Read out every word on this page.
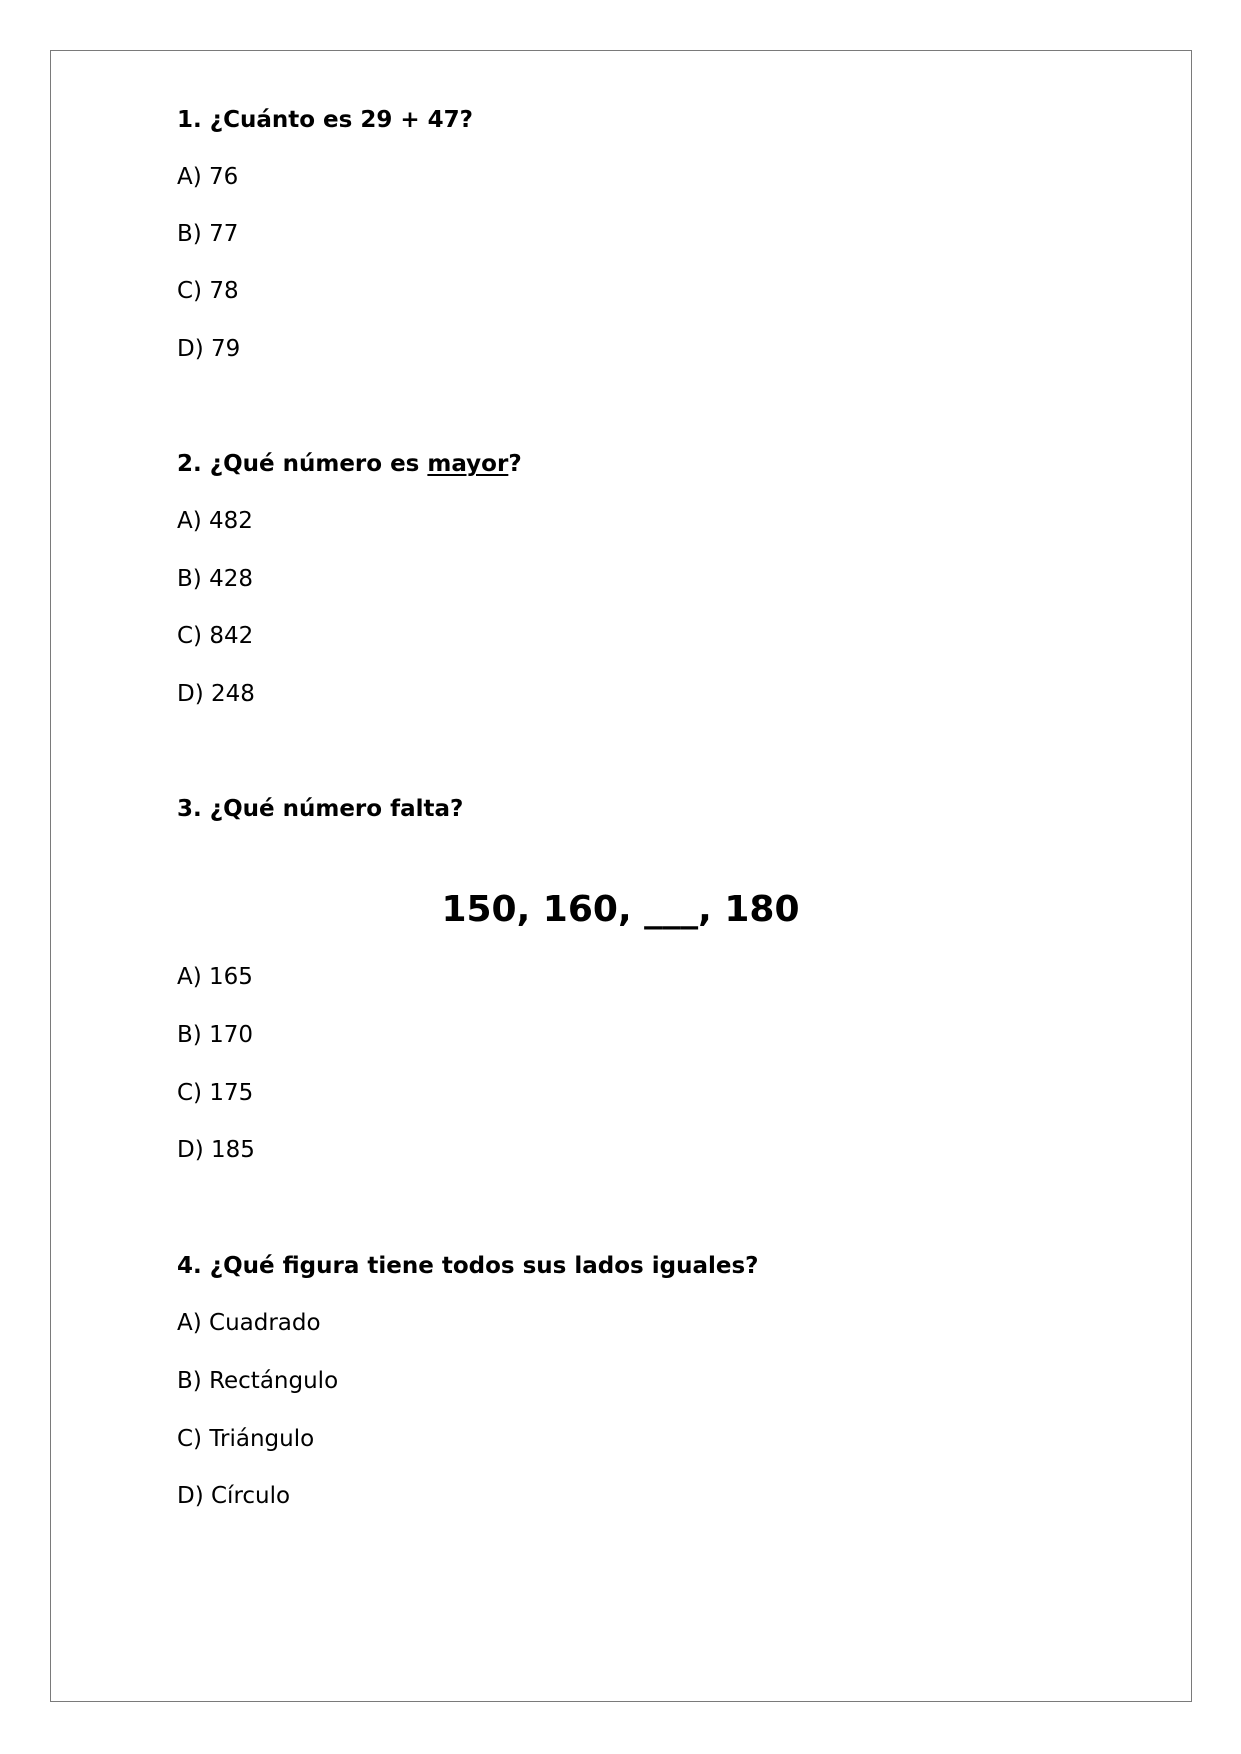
1. ¿Cuánto es 29 + 47?
A) 76
B) 77
C) 78
D) 79
2. ¿Qué número es mayor?
A) 482
B) 428
C) 842
D) 248
3. ¿Qué número falta?
150, 160, ___, 180
A) 165
B) 170
C) 175
D) 185
4. ¿Qué figura tiene todos sus lados iguales?
A) Cuadrado
B) Rectángulo
C) Triángulo
D) Círculo
